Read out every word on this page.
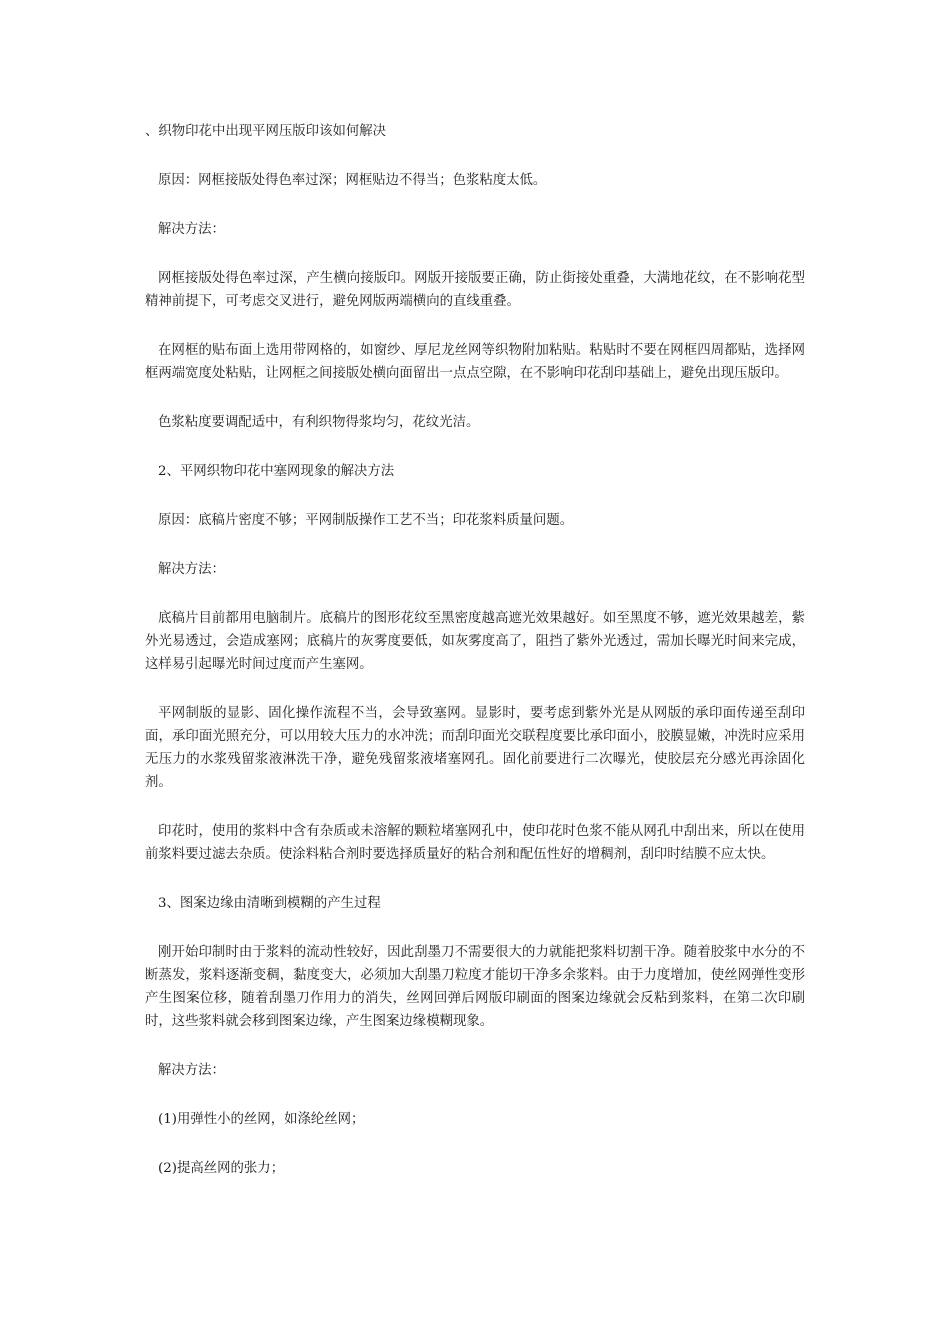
、织物印花中出现平网压版印该如何解决

原因：网框接版处得色率过深；网框贴边不得当；色浆粘度太低。

解决方法：

网框接版处得色率过深，产生横向接版印。网版开接版要正确，防止街接处重叠，大满地花纹，在不影响花型精神前提下，可考虑交叉进行，避免网版两端横向的直线重叠。

在网框的贴布面上选用带网格的，如窗纱、厚尼龙丝网等织物附加粘贴。粘贴时不要在网框四周都贴，选择网框两端宽度处粘贴，让网框之间接版处横向面留出一点点空隙，在不影响印花刮印基础上，避免出现压版印。

色浆粘度要调配适中，有利织物得浆均匀，花纹光洁。

2、平网织物印花中塞网现象的解决方法

原因：底稿片密度不够；平网制版操作工艺不当；印花浆料质量问题。

解决方法：

底稿片目前都用电脑制片。底稿片的图形花纹至黑密度越高遮光效果越好。如至黑度不够，遮光效果越差，紫外光易透过，会造成塞网；底稿片的灰雾度要低，如灰雾度高了，阻挡了紫外光透过，需加长曝光时间来完成，这样易引起曝光时间过度而产生塞网。

平网制版的显影、固化操作流程不当，会导致塞网。显影时，要考虑到紫外光是从网版的承印面传递至刮印面，承印面光照充分，可以用较大压力的水冲洗；而刮印面光交联程度要比承印面小，胶膜显嫩，冲洗时应采用无压力的水浆残留浆液淋洗干净，避免残留浆液堵塞网孔。固化前要进行二次曝光，使胶层充分感光再涂固化剂。

印花时，使用的浆料中含有杂质或未溶解的颗粒堵塞网孔中，使印花时色浆不能从网孔中刮出来，所以在使用前浆料要过滤去杂质。使涂料粘合剂时要选择质量好的粘合剂和配伍性好的增稠剂，刮印时结膜不应太快。

3、图案边缘由清晰到模糊的产生过程

刚开始印制时由于浆料的流动性较好，因此刮墨刀不需要很大的力就能把浆料切割干净。随着胶浆中水分的不断蒸发，浆料逐渐变稠，黏度变大，必须加大刮墨刀粒度才能切干净多余浆料。由于力度增加，使丝网弹性变形产生图案位移，随着刮墨刀作用力的消失，丝网回弹后网版印刷面的图案边缘就会反粘到浆料，在第二次印刷时，这些浆料就会移到图案边缘，产生图案边缘模糊现象。

解决方法：

(1)用弹性小的丝网，如涤纶丝网；

(2)提高丝网的张力；
